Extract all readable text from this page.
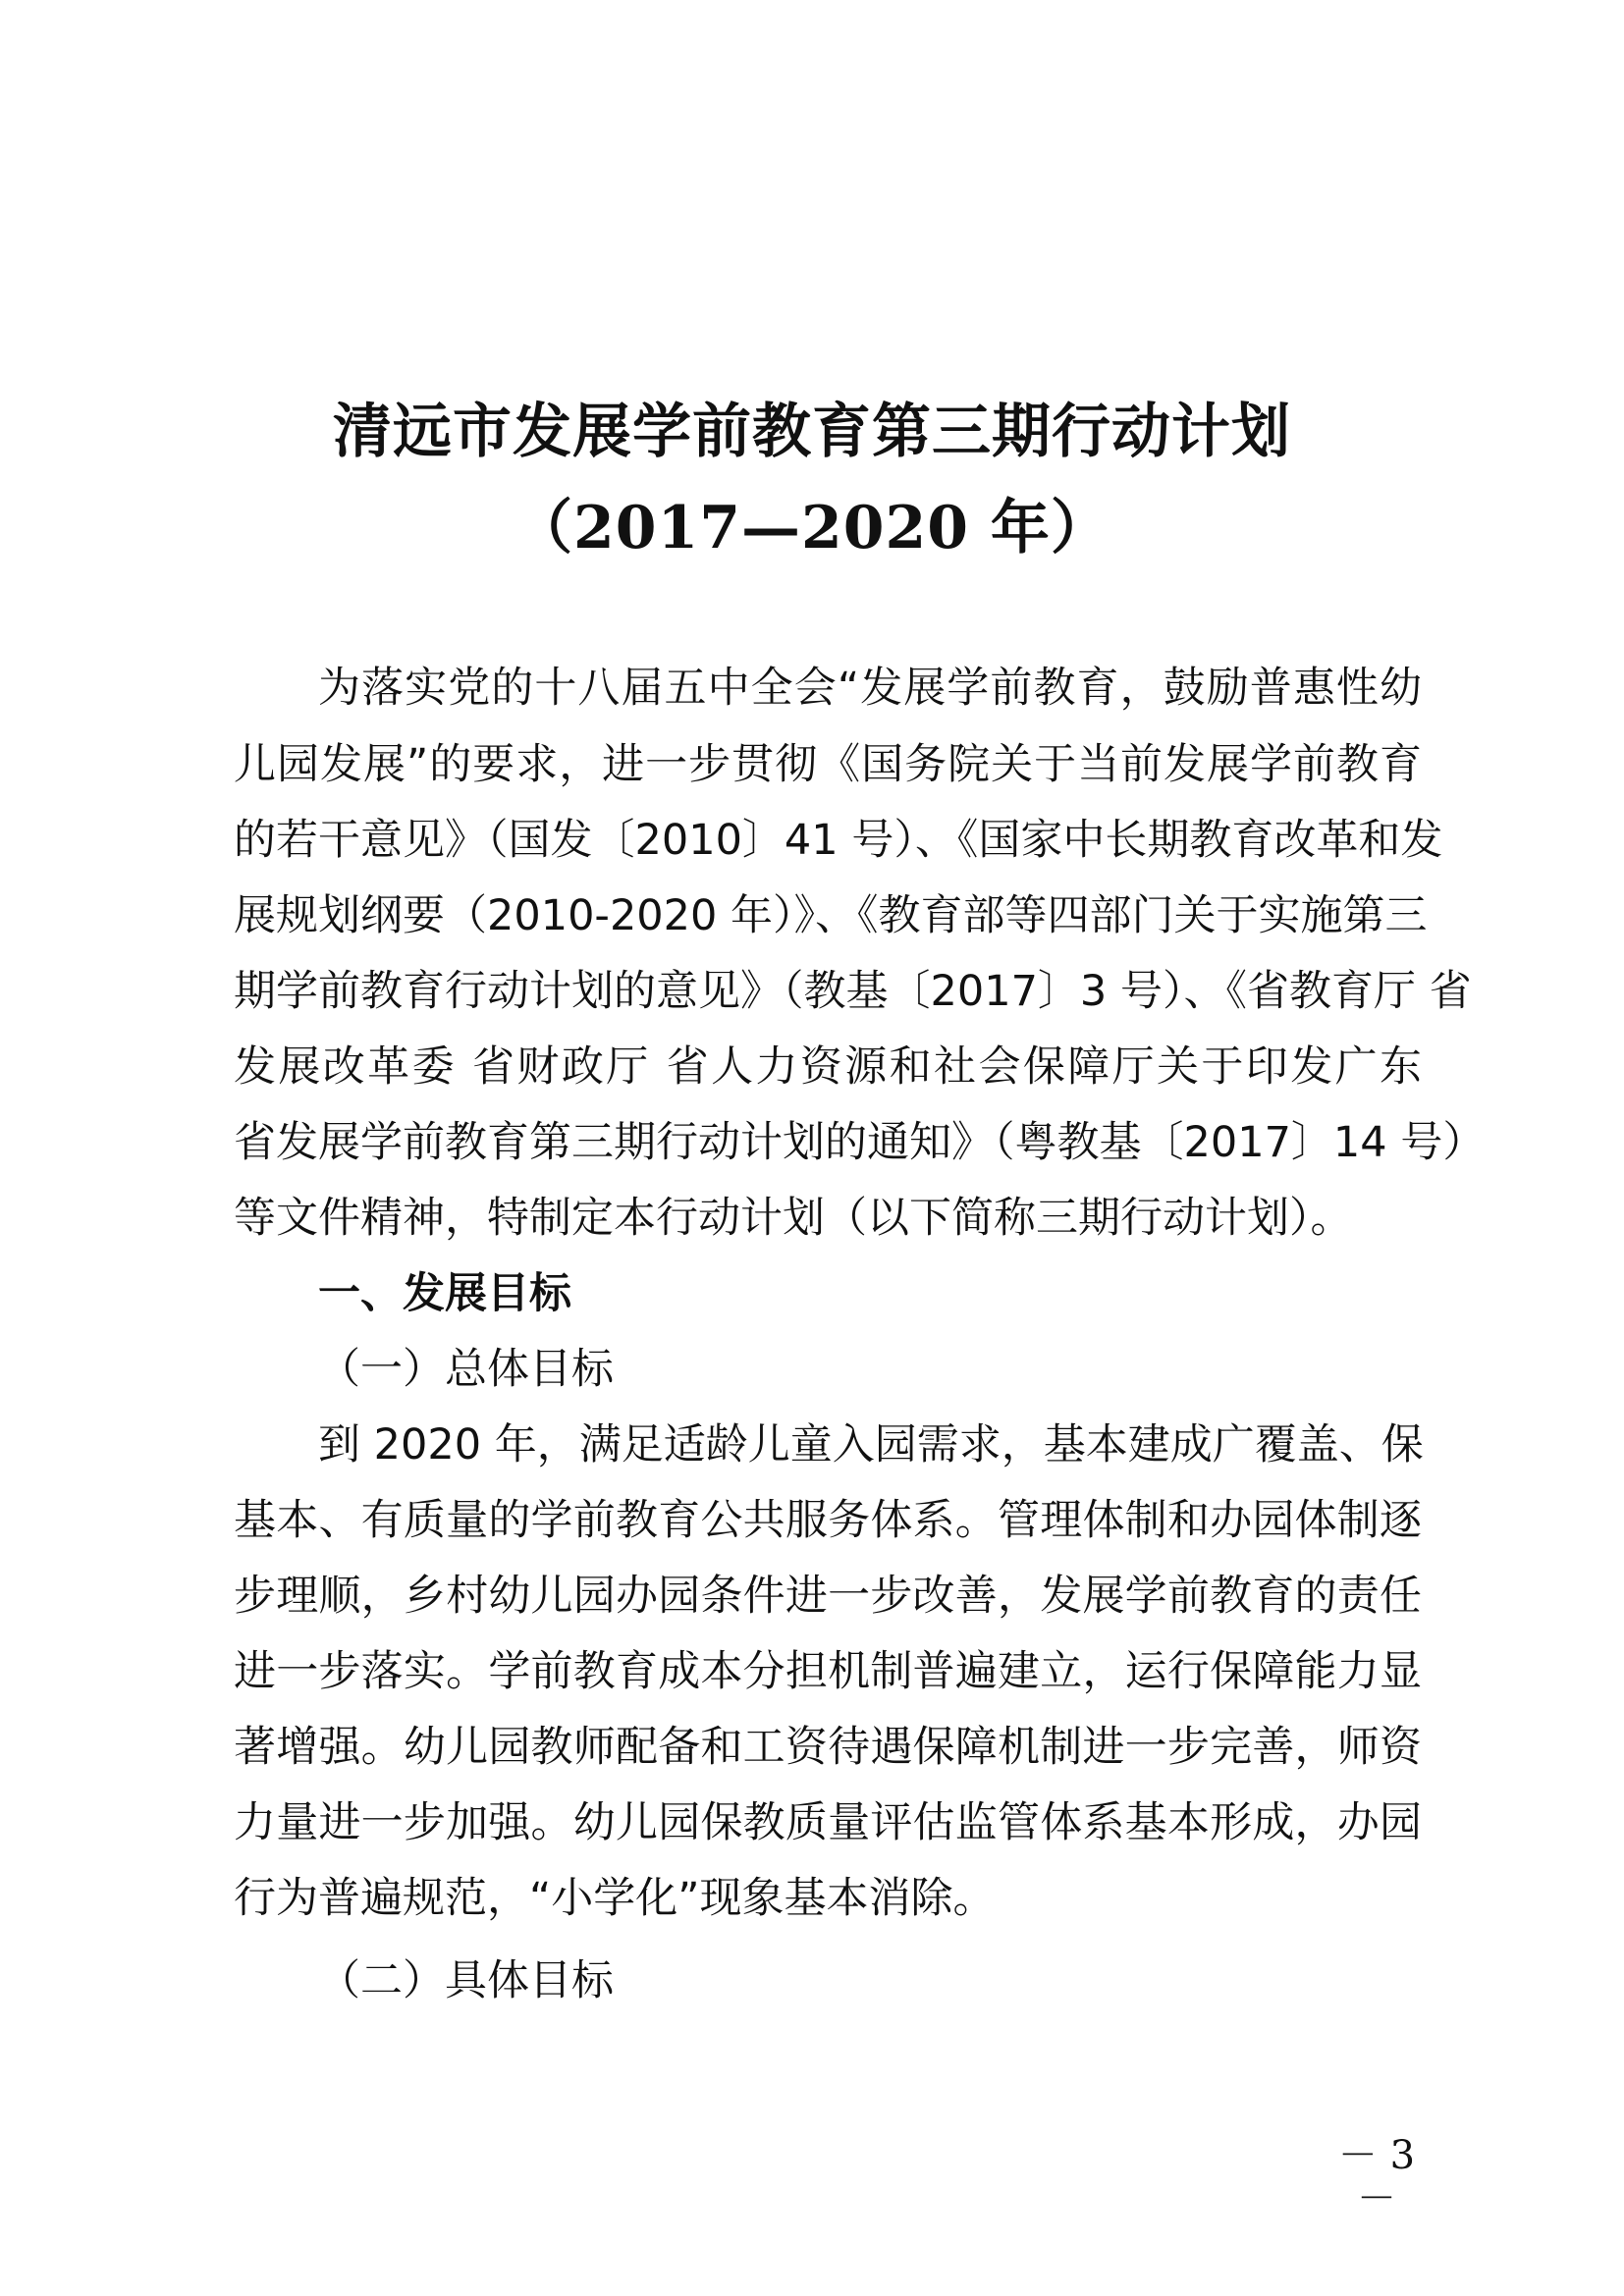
清远市发展学前教育第三期行动计划
（2017—2020 年）
为落实党的十八届五中全会“发展学前教育，鼓励普惠性幼
儿园发展”的要求，进一步贯彻《国务院关于当前发展学前教育
的若干意见》（国发〔2010〕41 号）、《国家中长期教育改革和发
展规划纲要（2010-2020 年）》、《教育部等四部门关于实施第三
期学前教育行动计划的意见》（教基〔2017〕3 号）、《省教育厅 省
发展改革委 省财政厅 省人力资源和社会保障厅关于印发广东
省发展学前教育第三期行动计划的通知》（粤教基〔2017〕14 号）
等文件精神，特制定本行动计划（以下简称三期行动计划）。
一、发展目标
（一）总体目标
到 2020 年，满足适龄儿童入园需求，基本建成广覆盖、保
基本、有质量的学前教育公共服务体系。管理体制和办园体制逐
步理顺，乡村幼儿园办园条件进一步改善，发展学前教育的责任
进一步落实。学前教育成本分担机制普遍建立，运行保障能力显
著增强。幼儿园教师配备和工资待遇保障机制进一步完善，师资
力量进一步加强。幼儿园保教质量评估监管体系基本形成，办园
行为普遍规范，“小学化”现象基本消除。
（二）具体目标
－ 3 －
